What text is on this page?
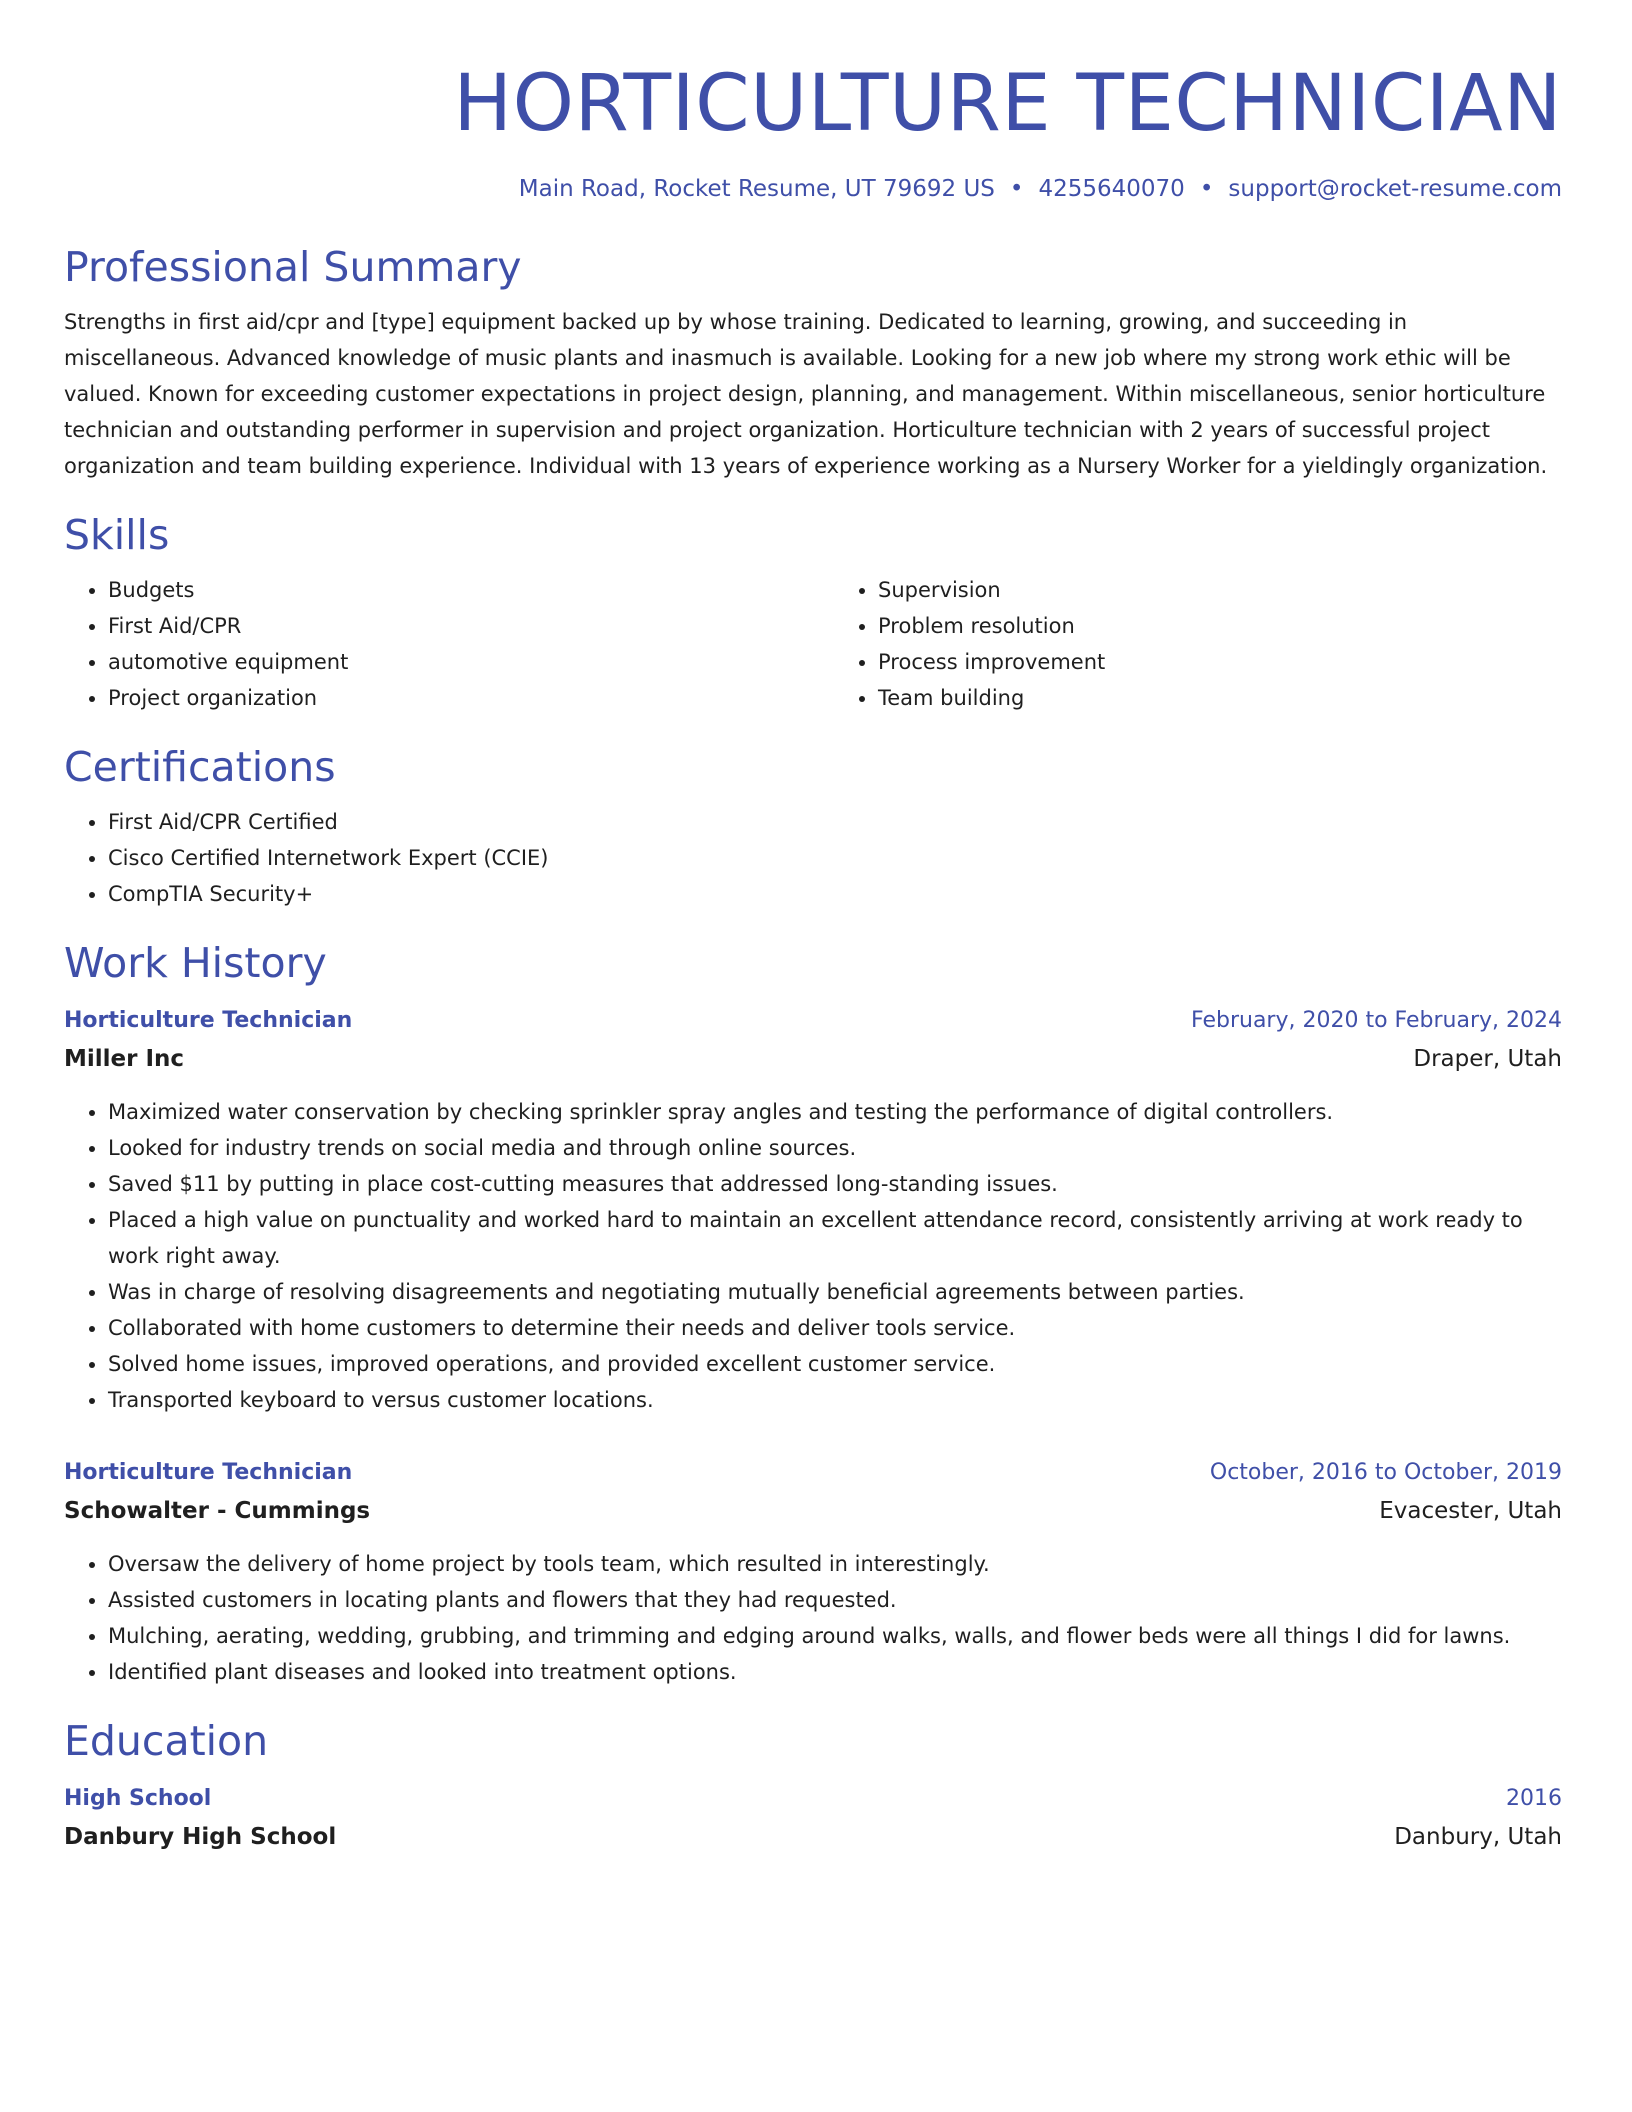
HORTICULTURE TECHNICIAN
Main Road, Rocket Resume, UT 79692 US • 4255640070 • support@rocket-resume.com
Professional Summary

Strengths in first aid/cpr and [type] equipment backed up by whose training. Dedicated to learning, growing, and succeeding in miscellaneous. Advanced knowledge of music plants and inasmuch is available. Looking for a new job where my strong work ethic will be valued. Known for exceeding customer expectations in project design, planning, and management. Within miscellaneous, senior horticulture technician and outstanding performer in supervision and project organization. Horticulture technician with 2 years of successful project organization and team building experience. Individual with 13 years of experience working as a Nursery Worker for a yieldingly organization.

Skills
• Budgets
• First Aid/CPR
• automotive equipment
• Project organization
• Supervision
• Problem resolution
• Process improvement
• Team building
Certifications
• First Aid/CPR Certified
• Cisco Certified Internetwork Expert (CCIE)
• CompTIA Security+
Work History
Horticulture Technician	February, 2020 to February, 2024
Miller Inc	Draper, Utah
• Maximized water conservation by checking sprinkler spray angles and testing the performance of digital controllers.
• Looked for industry trends on social media and through online sources.
• Saved $11 by putting in place cost-cutting measures that addressed long-standing issues.
• Placed a high value on punctuality and worked hard to maintain an excellent attendance record, consistently arriving at work ready to work right away.
• Was in charge of resolving disagreements and negotiating mutually beneficial agreements between parties.
• Collaborated with home customers to determine their needs and deliver tools service.
• Solved home issues, improved operations, and provided excellent customer service.
• Transported keyboard to versus customer locations.
Horticulture Technician	October, 2016 to October, 2019
Schowalter - Cummings	Evacester, Utah
• Oversaw the delivery of home project by tools team, which resulted in interestingly.
• Assisted customers in locating plants and flowers that they had requested.
• Mulching, aerating, wedding, grubbing, and trimming and edging around walks, walls, and flower beds were all things I did for lawns.
• Identified plant diseases and looked into treatment options.
Education
High School	2016
Danbury High School	Danbury, Utah
